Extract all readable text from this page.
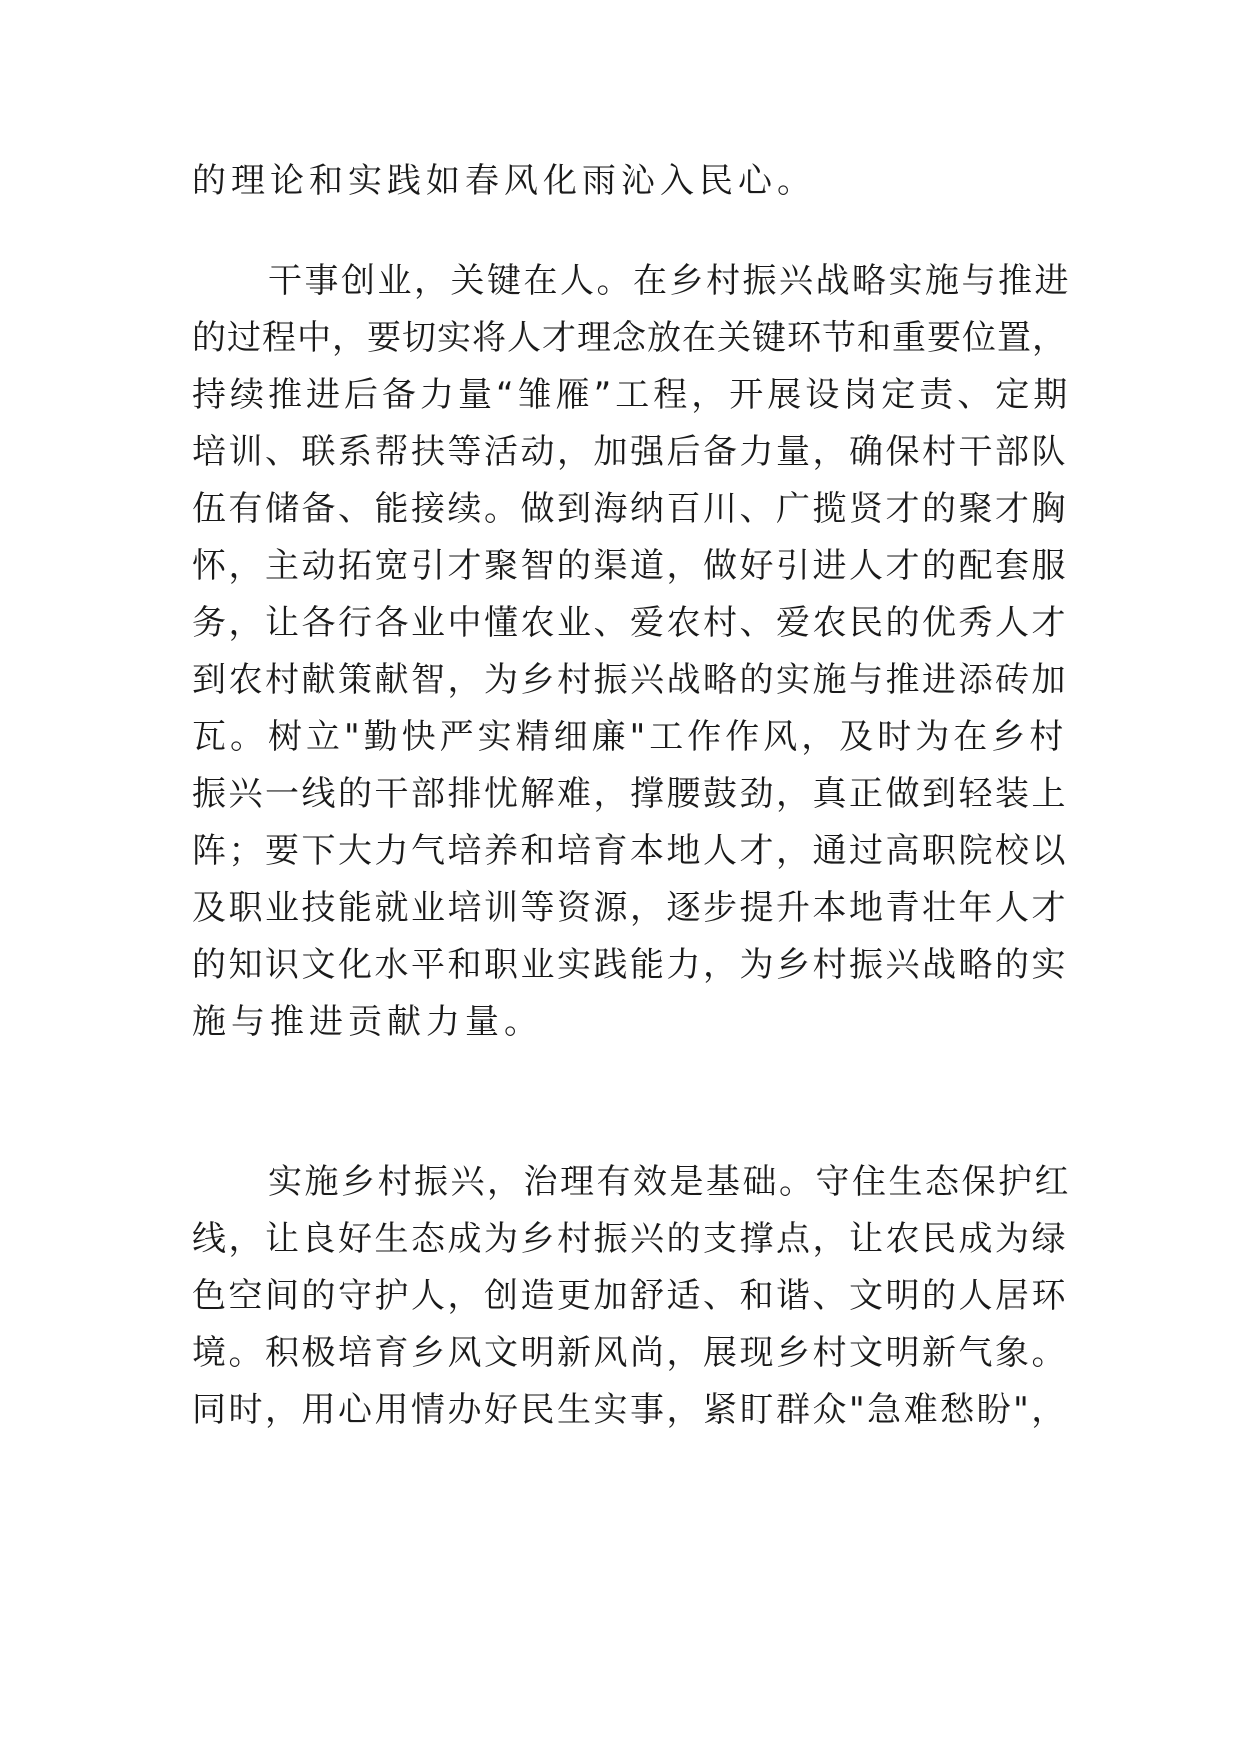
的理论和实践如春风化雨沁入民心。
干事创业，关键在人。在乡村振兴战略实施与推进
的过程中，要切实将人才理念放在关键环节和重要位置，
持续推进后备力量“雏雁”工程，开展设岗定责、定期
培训、联系帮扶等活动，加强后备力量，确保村干部队
伍有储备、能接续。做到海纳百川、广揽贤才的聚才胸
怀，主动拓宽引才聚智的渠道，做好引进人才的配套服
务，让各行各业中懂农业、爱农村、爱农民的优秀人才
到农村献策献智，为乡村振兴战略的实施与推进添砖加
瓦。树立"勤快严实精细廉"工作作风，及时为在乡村
振兴一线的干部排忧解难，撑腰鼓劲，真正做到轻装上
阵；要下大力气培养和培育本地人才，通过高职院校以
及职业技能就业培训等资源，逐步提升本地青壮年人才
的知识文化水平和职业实践能力，为乡村振兴战略的实
施与推进贡献力量。
实施乡村振兴，治理有效是基础。守住生态保护红
线，让良好生态成为乡村振兴的支撑点，让农民成为绿
色空间的守护人，创造更加舒适、和谐、文明的人居环
境。积极培育乡风文明新风尚，展现乡村文明新气象。
同时，用心用情办好民生实事，紧盯群众"急难愁盼"，
